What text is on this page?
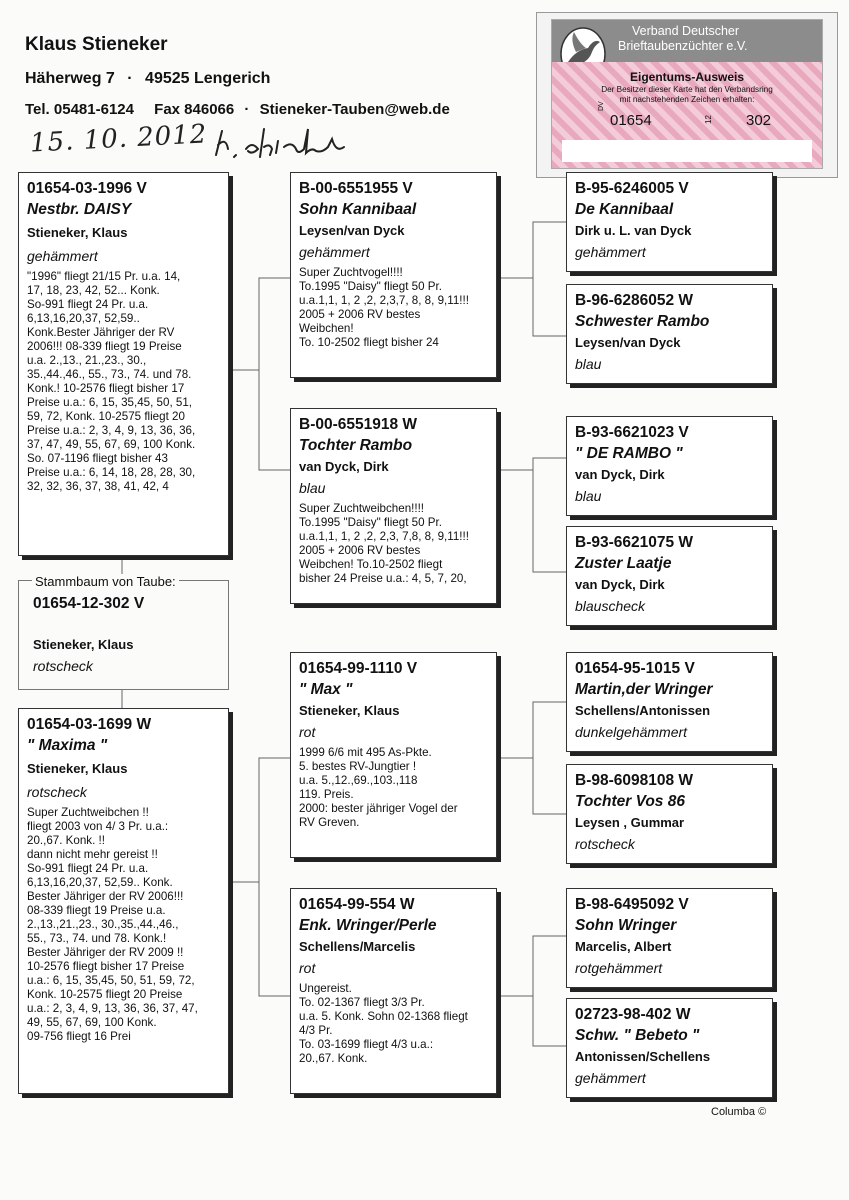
Klaus Stieneker
Häherweg 7 · 49525 Lengerich
Tel. 05481-6124 Fax 846066 · Stieneker-Tauben@web.de
15. 10. 2012
Verband Deutscher
Brieftaubenzüchter e.V.
Eigentums-Ausweis
Der Besitzer dieser Karte hat den Verbandsring
mit nachstehenden Zeichen erhalten:
DV
01654	12 302
01654-03-1996 V
Nestbr. DAISY
Stieneker, Klaus
gehämmert
"1996" fliegt 21/15 Pr. u.a. 14,
17, 18, 23, 42, 52... Konk.
So-991 fliegt 24 Pr. u.a.
6,13,16,20,37, 52,59..
Konk.Bester Jähriger der RV
2006!!! 08-339 fliegt 19 Preise
u.a. 2.,13., 21.,23., 30.,
35.,44.,46., 55., 73., 74. und 78.
Konk.! 10-2576 fliegt bisher 17
Preise u.a.: 6, 15, 35,45, 50, 51,
59, 72, Konk. 10-2575 fliegt 20
Preise u.a.: 2, 3, 4, 9, 13, 36, 36,
37, 47, 49, 55, 67, 69, 100 Konk.
So. 07-1196 fliegt bisher 43
Preise u.a.: 6, 14, 18, 28, 28, 30,
32, 32, 36, 37, 38, 41, 42, 4
01654-12-302 V
Stieneker, Klaus
rotscheck
Stammbaum von Taube:
01654-03-1699 W
" Maxima "
Stieneker, Klaus
rotscheck
Super Zuchtweibchen !!
fliegt 2003 von 4/ 3 Pr. u.a.:
20.,67. Konk. !!
dann nicht mehr gereist !!
So-991 fliegt 24 Pr. u.a.
6,13,16,20,37, 52,59.. Konk.
Bester Jähriger der RV 2006!!!
08-339 fliegt 19 Preise u.a.
2.,13.,21.,23., 30.,35.,44.,46.,
55., 73., 74. und 78. Konk.!
Bester Jähriger der RV 2009 !!
10-2576 fliegt bisher 17 Preise
u.a.: 6, 15, 35,45, 50, 51, 59, 72,
Konk. 10-2575 fliegt 20 Preise
u.a.: 2, 3, 4, 9, 13, 36, 36, 37, 47,
49, 55, 67, 69, 100 Konk.
09-756 fliegt 16 Prei
B-00-6551955 V
Sohn Kannibaal
Leysen/van Dyck
gehämmert
Super Zuchtvogel!!!!
To.1995 "Daisy" fliegt 50 Pr.
u.a.1,1, 1, 2 ,2, 2,3,7, 8, 8, 9,11!!!
2005 + 2006 RV bestes
Weibchen!
To. 10-2502 fliegt bisher 24
B-00-6551918 W
Tochter Rambo
van Dyck, Dirk
blau
Super Zuchtweibchen!!!!
To.1995 "Daisy" fliegt 50 Pr.
u.a.1,1, 1, 2 ,2, 2,3, 7,8, 8, 9,11!!!
2005 + 2006 RV bestes
Weibchen! To.10-2502 fliegt
bisher 24 Preise u.a.: 4, 5, 7, 20,
01654-99-1110 V
" Max "
Stieneker, Klaus
rot
1999 6/6 mit 495 As-Pkte.
5. bestes RV-Jungtier !
u.a. 5.,12.,69.,103.,118
119. Preis.
2000: bester jähriger Vogel der
RV Greven.
01654-99-554 W
Enk. Wringer/Perle
Schellens/Marcelis
rot
Ungereist.
To. 02-1367 fliegt 3/3 Pr.
u.a. 5. Konk. Sohn 02-1368 fliegt
4/3 Pr.
To. 03-1699 fliegt 4/3 u.a.:
20.,67. Konk.
B-95-6246005 V
De Kannibaal
Dirk u. L. van Dyck
gehämmert
B-96-6286052 W
Schwester Rambo
Leysen/van Dyck
blau
B-93-6621023 V
" DE RAMBO "
van Dyck, Dirk
blau
B-93-6621075 W
Zuster Laatje
van Dyck, Dirk
blauscheck
01654-95-1015 V
Martin,der Wringer
Schellens/Antonissen
dunkelgehämmert
B-98-6098108 W
Tochter Vos 86
Leysen , Gummar
rotscheck
B-98-6495092 V
Sohn Wringer
Marcelis, Albert
rotgehämmert
02723-98-402 W
Schw. " Bebeto "
Antonissen/Schellens
gehämmert
Columba ©
